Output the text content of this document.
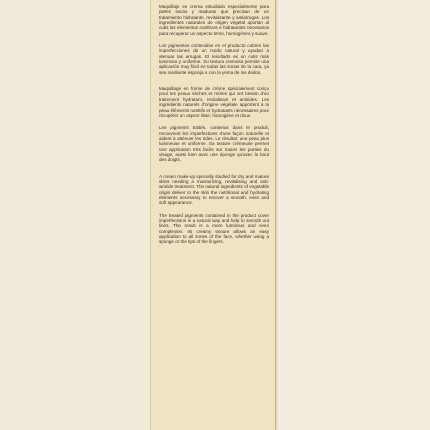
Maquillaje en crema estudiado especialmente para pieles secas y maduras que precisan de un tratamiento hidratante, revitalizante y antiarrugas. Los ingredientes naturales de origen vegetal aportan al cutis los elementos nutritivos e hidratantes necesarios para recuperar un aspecto terso, homogéneo y suave.

Los pigmentos contenidos en el producto cubren las imperfecciones de un modo natural y ayudan a atenuar las arrugas. El resultado es un cutis más luminoso y uniforme. Su textura cremosa permite una aplicación muy fácil en todas las zonas de la cara, ya sea mediante esponja o con la yema de los dedos.

Maquillage en forme de crème spécialement conçu pour les peaux sèches et mûres qui ont besoin d'un traitement hydratant, revitalisant et antirides. Les ingrédients naturels d'origine végétale apportent à la peau éléments nutritifs et hydratants nécessaires pour récupérer un aspect lisse, homogène et doux.

Les pigments traités, contenus dans le produit, recouvrent les imperfections d'une façon naturelle et aident à atténuer les rides. Le résultat: une peau plus lumineuse et uniforme. Sa texture crémeuse permet une application très facile sur toutes les parties du visage, aussi bien avec une éponge qu'avec le bout des doigts.

A cream make-up specially studied for dry and mature skins needing a moisturizing, revitalising and anti-wrinkle treatment. The natural ingredients of vegetable origin deliver to the skin the nutritional and hydrating elements necessary to recover a smooth, even and soft appearance.

The treated pigments contained in the product cover imperfections in a natural way and help to smooth out lines. The result is a more luminous and even complexion. Its creamy texture allows an easy application to all zones of the face, whether using a sponge or the tips of the fingers.
